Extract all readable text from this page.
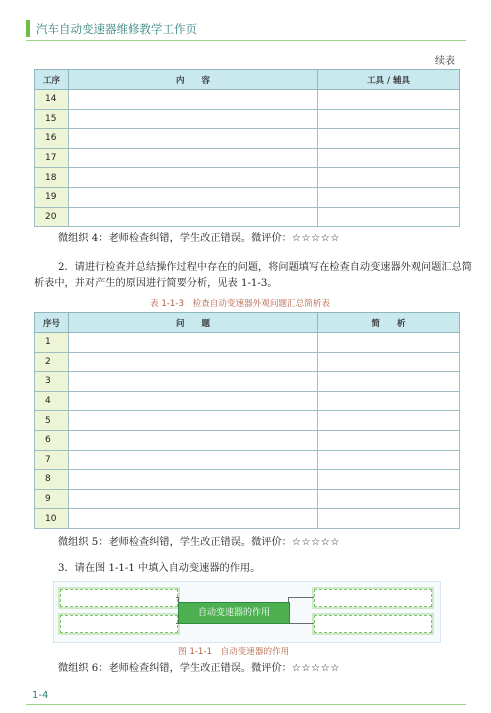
汽车自动变速器维修教学工作页
续表
工序	内　　容	工具 / 辅具
14		
15		
16		
17		
18		
19		
20		
微组织 4：老师检查纠错，学生改正错误。微评价：☆☆☆☆☆
2．请进行检查并总结操作过程中存在的问题，将问题填写在检查自动变速器外观问题汇总简
析表中，并对产生的原因进行简要分析，见表 1-1-3。
表 1-1-3　检查自动变速器外观问题汇总简析表
序号	问　　题	简　　析
1		
2		
3		
4		
5		
6		
7		
8		
9		
10		
微组织 5：老师检查纠错，学生改正错误。微评价：☆☆☆☆☆
3．请在图 1-1-1 中填入自动变速器的作用。
自动变速器的作用
图 1-1-1　自动变速器的作用
微组织 6：老师检查纠错，学生改正错误。微评价：☆☆☆☆☆
1-4
